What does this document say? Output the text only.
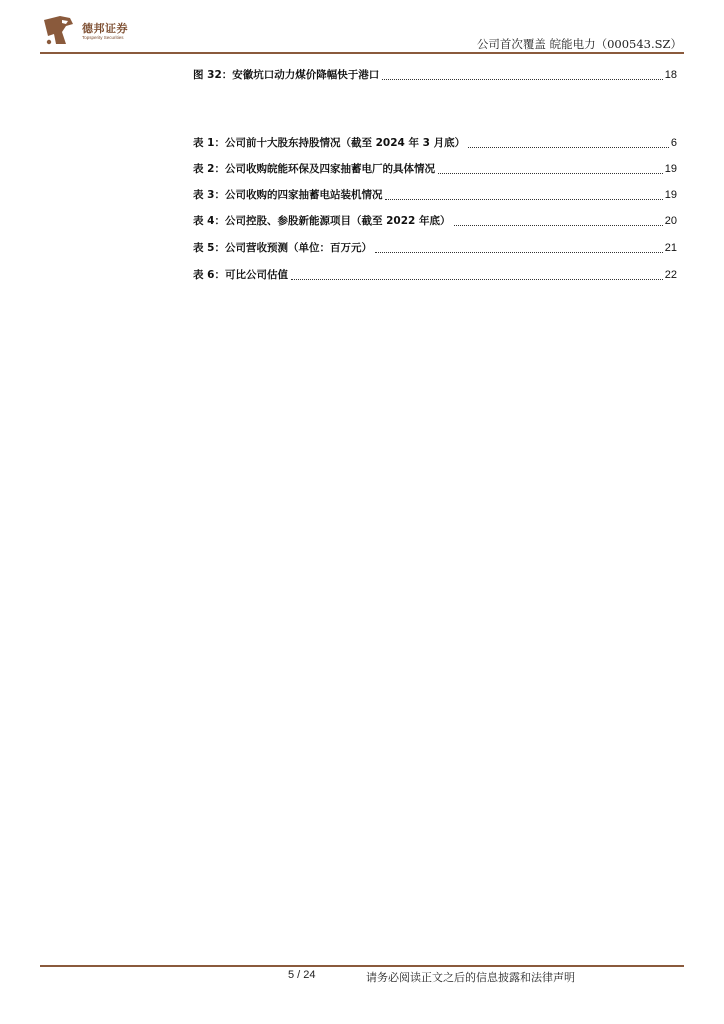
德邦证券
Topsperity Securities	公司首次覆盖 皖能电力（000543.SZ）
图 32：安徽坑口动力煤价降幅快于港口	18
表 1：公司前十大股东持股情况（截至 2024 年 3 月底）	6
表 2：公司收购皖能环保及四家抽蓄电厂的具体情况	19
表 3：公司收购的四家抽蓄电站装机情况	19
表 4：公司控股、参股新能源项目（截至 2022 年底）	20
表 5：公司营收预测（单位：百万元）	21
表 6：可比公司估值	22
5 / 24	请务必阅读正文之后的信息披露和法律声明
